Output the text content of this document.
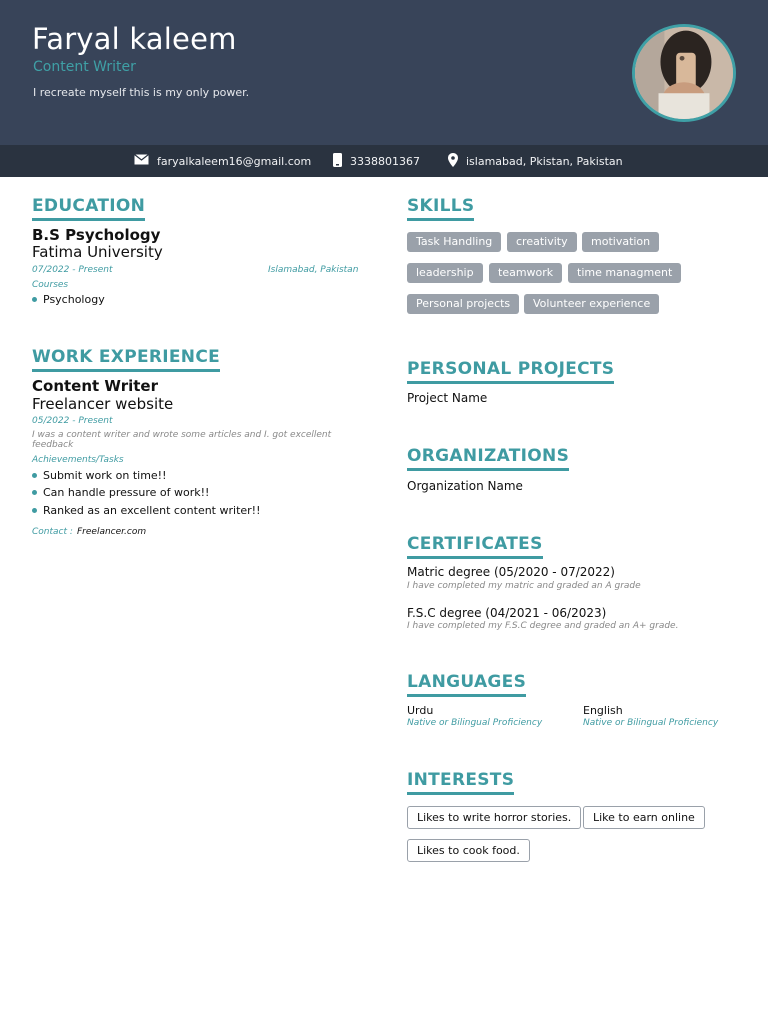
Faryal kaleem
Content Writer
I recreate myself this is my only power.
faryalkaleem16@gmail.com	3338801367	islamabad, Pkistan, Pakistan
EDUCATION
B.S Psychology
Fatima University
07/2022 - Present	Islamabad, Pakistan
Courses
Psychology
WORK EXPERIENCE
Content Writer
Freelancer website
05/2022 - Present
I was a content writer and wrote some articles and I. got excellent feedback
Achievements/Tasks
Submit work on time!!
Can handle pressure of work!!
Ranked as an excellent content writer!!
Contact : Freelancer.com
SKILLS
Task Handling	creativity	motivation
leadership	teamwork	time managment
Personal projects	Volunteer experience
PERSONAL PROJECTS
Project Name
ORGANIZATIONS
Organization Name
CERTIFICATES
Matric degree (05/2020 - 07/2022)
I have completed my matric and graded an A grade
F.S.C degree (04/2021 - 06/2023)
I have completed my F.S.C degree and graded an A+ grade.
LANGUAGES
Urdu
Native or Bilingual Proficiency
English
Native or Bilingual Proficiency
INTERESTS
Likes to write horror stories.	Like to earn online
Likes to cook food.
